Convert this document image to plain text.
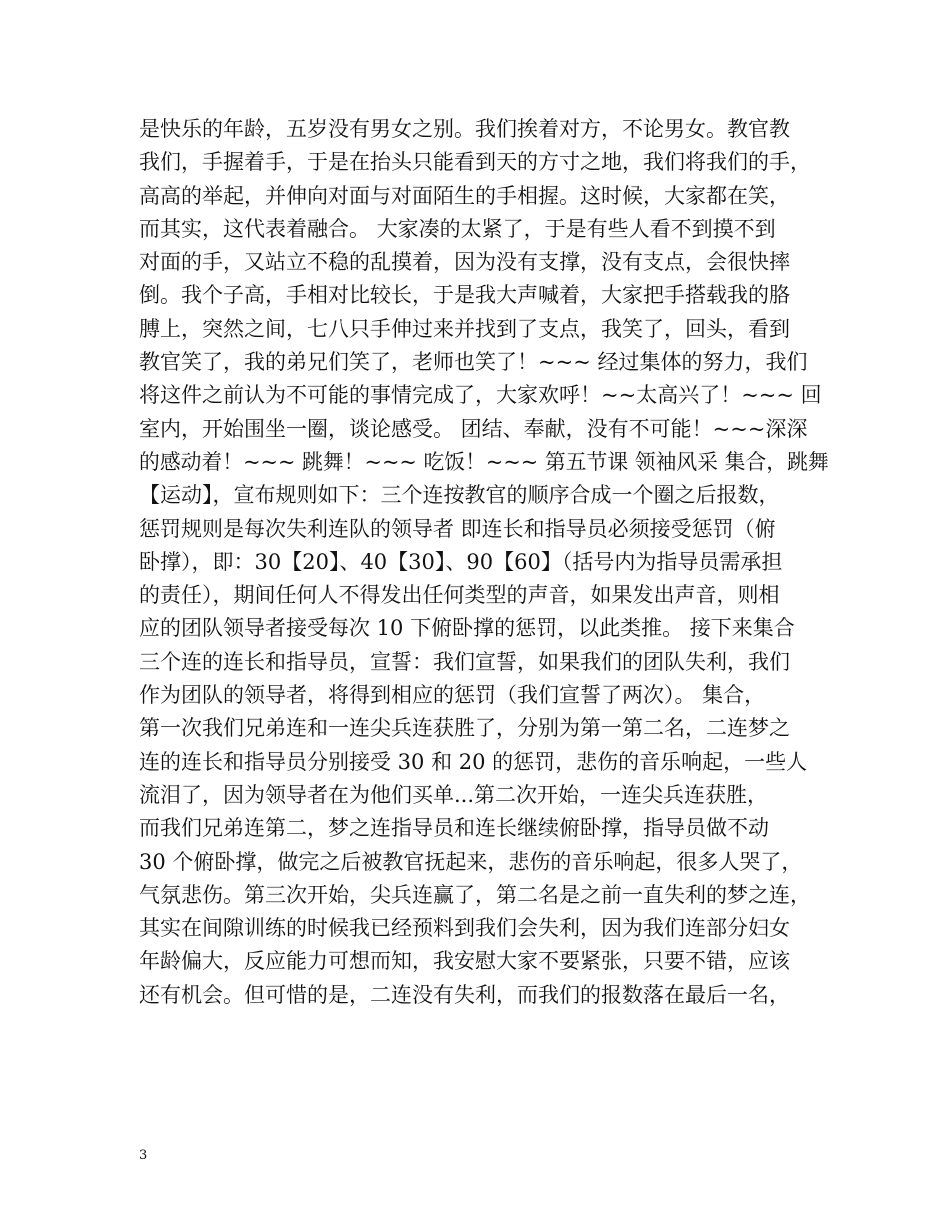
是快乐的年龄，五岁没有男女之别。我们挨着对方，不论男女。教官教
我们，手握着手，于是在抬头只能看到天的方寸之地，我们将我们的手，
高高的举起，并伸向对面与对面陌生的手相握。这时候，大家都在笑，
而其实，这代表着融合。 大家凑的太紧了，于是有些人看不到摸不到
对面的手，又站立不稳的乱摸着，因为没有支撑，没有支点，会很快摔
倒。我个子高，手相对比较长，于是我大声喊着，大家把手搭载我的胳
膊上，突然之间，七八只手伸过来并找到了支点，我笑了，回头，看到
教官笑了，我的弟兄们笑了，老师也笑了！~~~ 经过集体的努力，我们
将这件之前认为不可能的事情完成了，大家欢呼！~~太高兴了！~~~ 回
室内，开始围坐一圈，谈论感受。 团结、奉献，没有不可能！~~~深深
的感动着！~~~ 跳舞！~~~ 吃饭！~~~ 第五节课 领袖风采 集合，跳舞
【运动】，宣布规则如下：三个连按教官的顺序合成一个圈之后报数，
惩罚规则是每次失利连队的领导者 即连长和指导员必须接受惩罚（俯
卧撑），即：30【20】、40【30】、90【60】（括号内为指导员需承担
的责任），期间任何人不得发出任何类型的声音，如果发出声音，则相
应的团队领导者接受每次 10 下俯卧撑的惩罚，以此类推。 接下来集合
三个连的连长和指导员，宣誓：我们宣誓，如果我们的团队失利，我们
作为团队的领导者，将得到相应的惩罚（我们宣誓了两次）。 集合，
第一次我们兄弟连和一连尖兵连获胜了，分别为第一第二名，二连梦之
连的连长和指导员分别接受 30 和 20 的惩罚，悲伤的音乐响起，一些人
流泪了，因为领导者在为他们买单...第二次开始，一连尖兵连获胜，
而我们兄弟连第二，梦之连指导员和连长继续俯卧撑，指导员做不动
30 个俯卧撑，做完之后被教官抚起来，悲伤的音乐响起，很多人哭了，
气氛悲伤。第三次开始，尖兵连赢了，第二名是之前一直失利的梦之连，
其实在间隙训练的时候我已经预料到我们会失利，因为我们连部分妇女
年龄偏大，反应能力可想而知，我安慰大家不要紧张，只要不错，应该
还有机会。但可惜的是，二连没有失利，而我们的报数落在最后一名，
3
